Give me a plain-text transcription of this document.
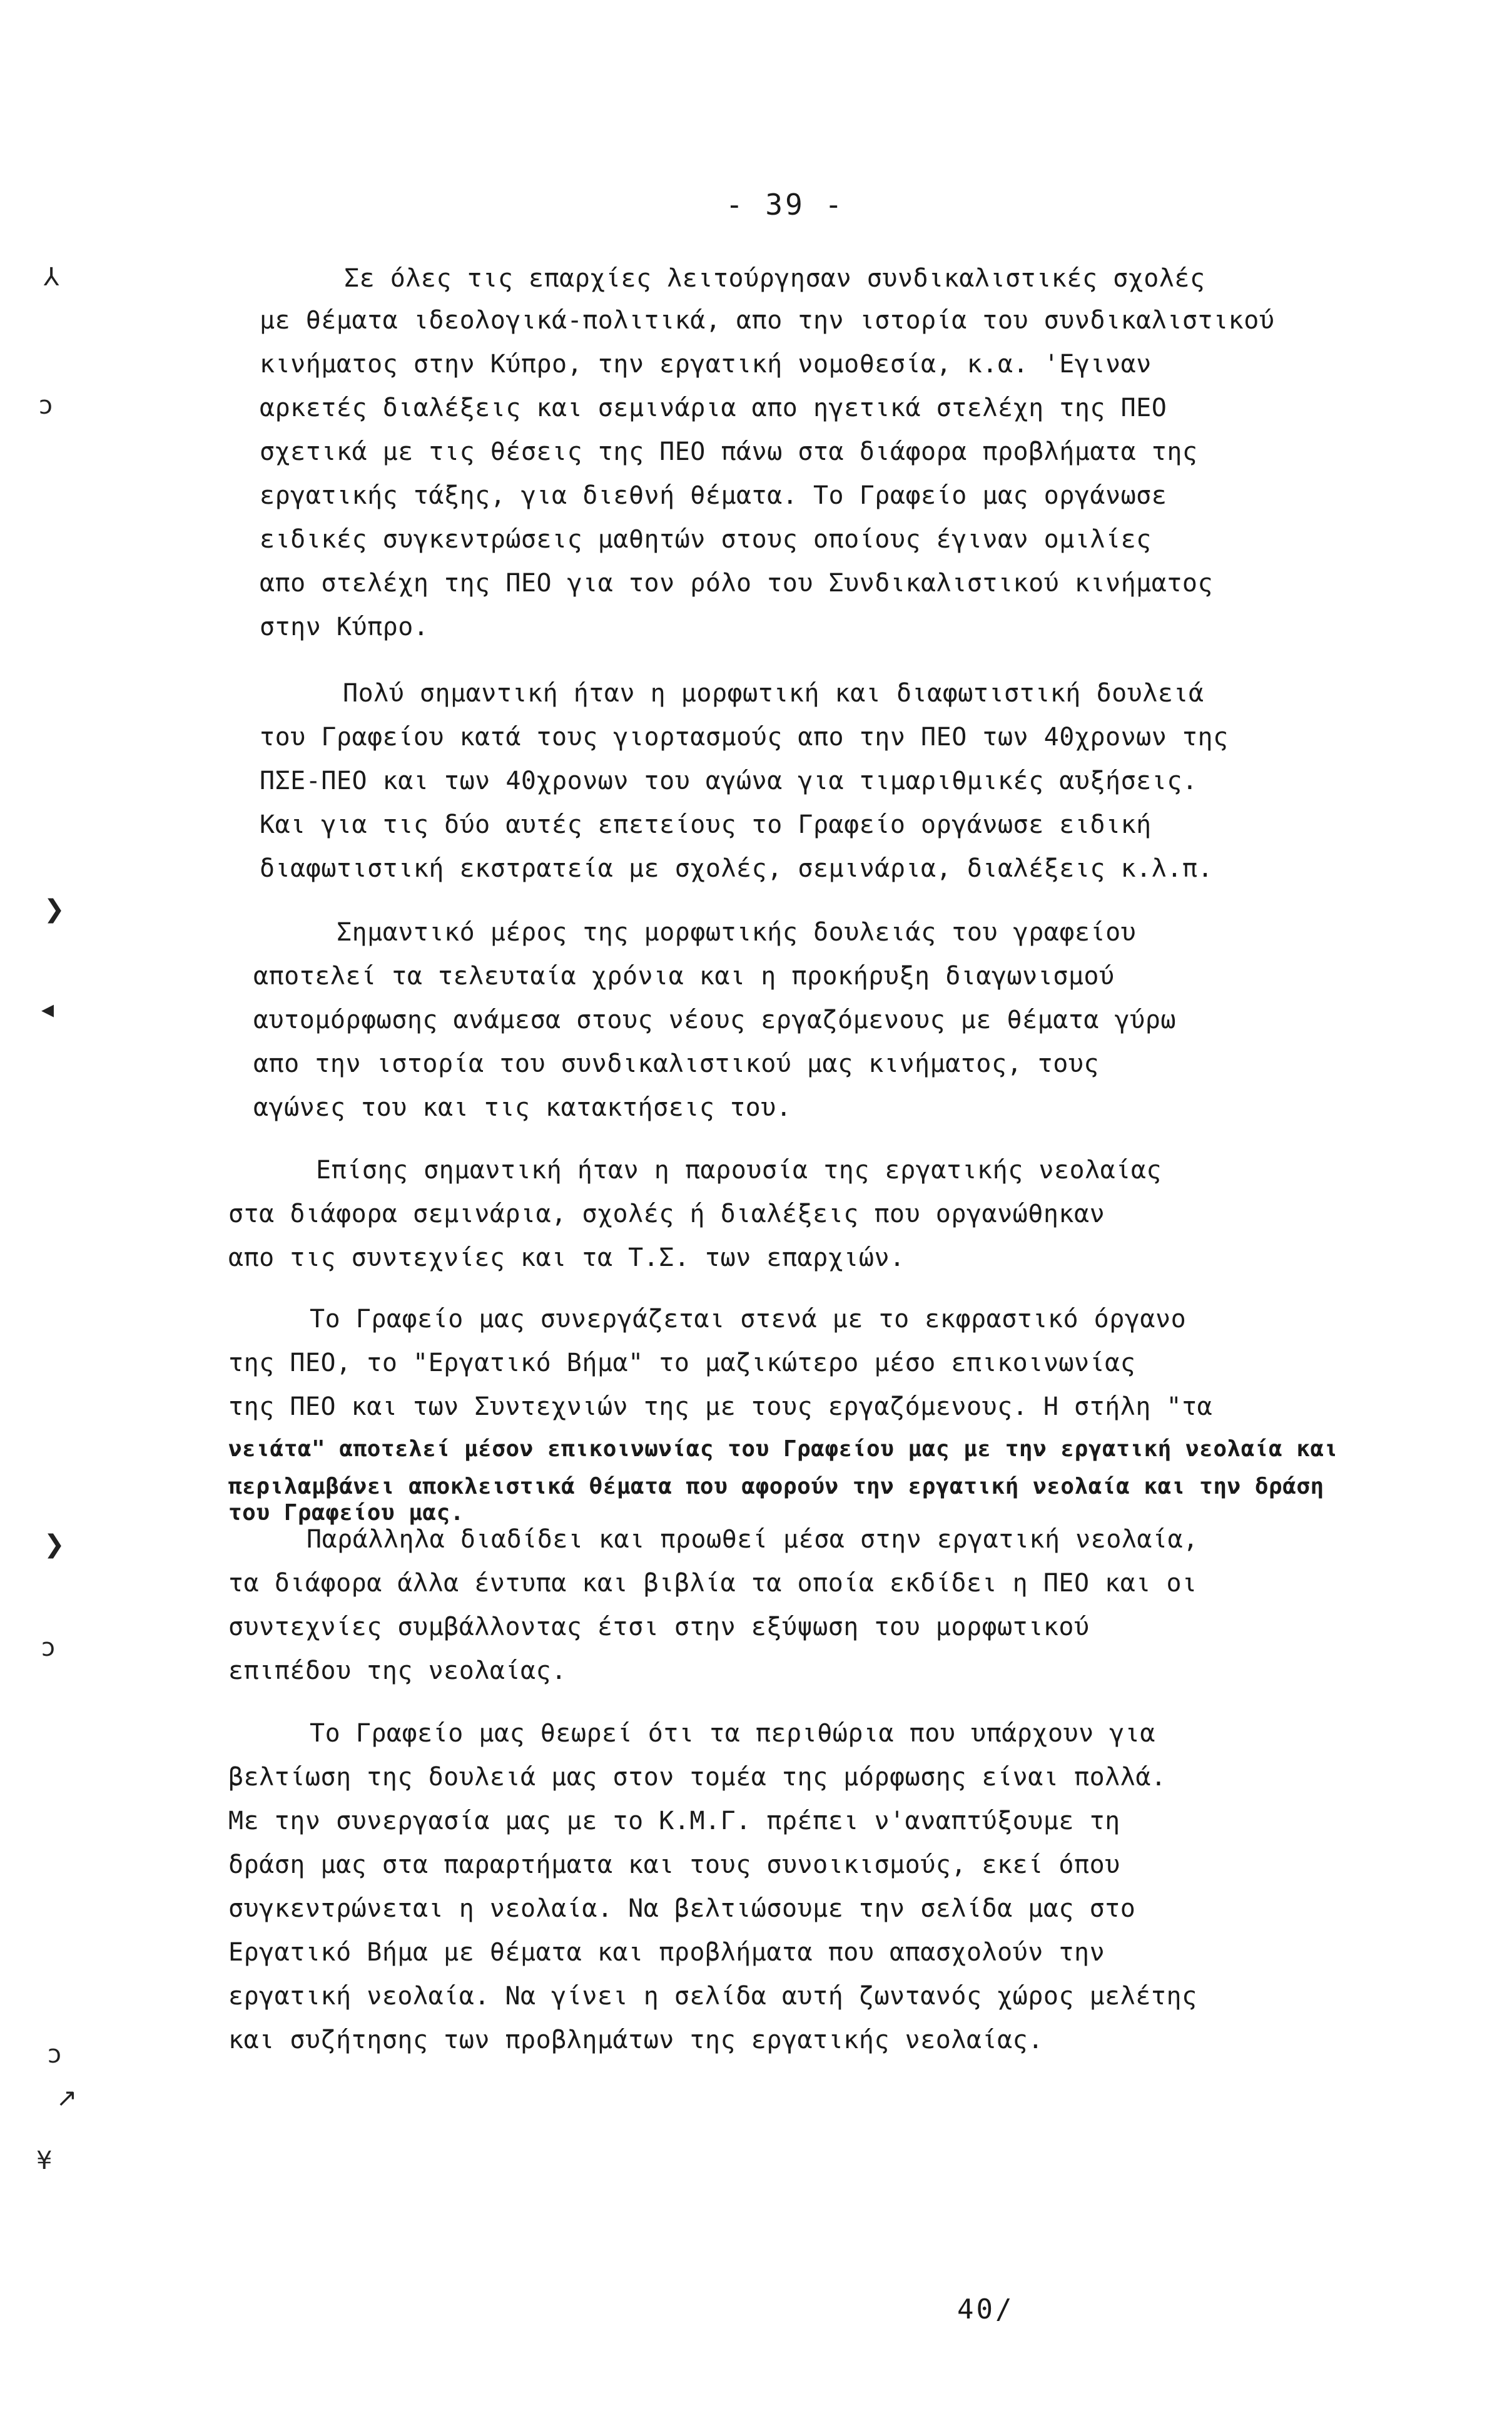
- 39 -
⅄
ɔ
❯
◂
❯
ɔ
ɔ
↗
¥
Σε όλες τις επαρχίες λειτούργησαν συνδικαλιστικές σχολές
με θέματα ιδεολογικά-πολιτικά, απο την ιστορία του συνδικαλιστικού
κινήματος στην Κύπρο, την εργατική νομοθεσία, κ.α. 'Εγιναν
αρκετές διαλέξεις και σεμινάρια απο ηγετικά στελέχη της ΠΕΟ
σχετικά με τις θέσεις της ΠΕΟ πάνω στα διάφορα προβλήματα της
εργατικής τάξης, για διεθνή θέματα. Το Γραφείο μας οργάνωσε
ειδικές συγκεντρώσεις μαθητών στους οποίους έγιναν ομιλίες
απο στελέχη της ΠΕΟ για τον ρόλο του Συνδικαλιστικού κινήματος
στην Κύπρο.
Πολύ σημαντική ήταν η μορφωτική και διαφωτιστική δουλειά
του Γραφείου κατά τους γιορτασμούς απο την ΠΕΟ των 40χρονων της
ΠΣΕ-ΠΕΟ και των 40χρονων του αγώνα για τιμαριθμικές αυξήσεις.
Και για τις δύο αυτές επετείους το Γραφείο οργάνωσε ειδική
διαφωτιστική εκστρατεία με σχολές, σεμινάρια, διαλέξεις κ.λ.π.
Σημαντικό μέρος της μορφωτικής δουλειάς του γραφείου
αποτελεί τα τελευταία χρόνια και η προκήρυξη διαγωνισμού
αυτομόρφωσης ανάμεσα στους νέους εργαζόμενους με θέματα γύρω
απο την ιστορία του συνδικαλιστικού μας κινήματος, τους
αγώνες του και τις κατακτήσεις του.
Επίσης σημαντική ήταν η παρουσία της εργατικής νεολαίας
στα διάφορα σεμινάρια, σχολές ή διαλέξεις που οργανώθηκαν
απο τις συντεχνίες και τα Τ.Σ. των επαρχιών.
Το Γραφείο μας συνεργάζεται στενά με το εκφραστικό όργανο
της ΠΕΟ, το "Εργατικό Βήμα" το μαζικώτερο μέσο επικοινωνίας
της ΠΕΟ και των Συντεχνιών της με τους εργαζόμενους. Η στήλη "τα
νειάτα" αποτελεί μέσον επικοινωνίας του Γραφείου μας με την εργατική νεολαία και
περιλαμβάνει αποκλειστικά θέματα που αφορούν την εργατική νεολαία και την δράση
του Γραφείου μας.
Παράλληλα διαδίδει και προωθεί μέσα στην εργατική νεολαία,
τα διάφορα άλλα έντυπα και βιβλία τα οποία εκδίδει η ΠΕΟ και οι
συντεχνίες συμβάλλοντας έτσι στην εξύψωση του μορφωτικού
επιπέδου της νεολαίας.
Το Γραφείο μας θεωρεί ότι τα περιθώρια που υπάρχουν για
βελτίωση της δουλειά μας στον τομέα της μόρφωσης είναι πολλά.
Με την συνεργασία μας με το Κ.Μ.Γ. πρέπει ν'αναπτύξουμε τη
δράση μας στα παραρτήματα και τους συνοικισμούς, εκεί όπου
συγκεντρώνεται η νεολαία. Να βελτιώσουμε την σελίδα μας στο
Εργατικό Βήμα με θέματα και προβλήματα που απασχολούν την
εργατική νεολαία. Να γίνει η σελίδα αυτή ζωντανός χώρος μελέτης
και συζήτησης των προβλημάτων της εργατικής νεολαίας.
40/
